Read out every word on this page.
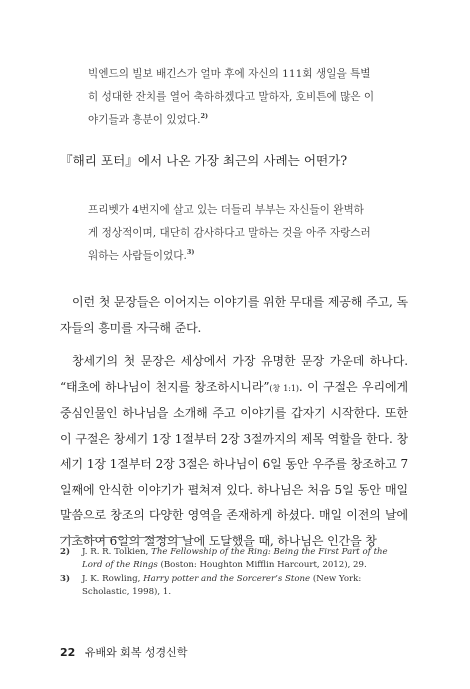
빅엔드의 빌보 배긴스가 얼마 후에 자신의 111회 생일을 특별

히 성대한 잔치를 열어 축하하겠다고 말하자, 호비튼에 많은 이

야기들과 흥분이 있었다.$^{2)}$

『해리 포터』에서 나온 가장 최근의 사례는 어떤가?

프리벳가 4번지에 살고 있는 더들리 부부는 자신들이 완벽하

게 정상적이며, 대단히 감사하다고 말하는 것을 아주 자랑스러

워하는 사람들이었다.$^{3)}$

이런 첫 문장들은 이어지는 이야기를 위한 무대를 제공해 주고, 독자들의 흥미를 자극해 준다.

창세기의 첫 문장은 세상에서 가장 유명한 문장 가운데 하나다. “태초에 하나님이 천지를 창조하시니라”(창 1:1). 이 구절은 우리에게 중심인물인 하나님을 소개해 주고 이야기를 갑자기 시작한다. 또한 이 구절은 창세기 1장 1절부터 2장 3절까지의 제목 역할을 한다. 창세기 1장 1절부터 2장 3절은 하나님이 6일 동안 우주를 창조하고 7일째에 안식한 이야기가 펼쳐져 있다. 하나님은 처음 5일 동안 매일 말씀으로 창조의 다양한 영역을 존재하게 하셨다. 매일 이전의 날에 기초하여 6일의 절정의 날에 도달했을 때, 하나님은 인간을 창

2)	J. R. R. Tolkien, The Fellowship of the Ring: Being the First Part of the Lord of the Rings (Boston: Houghton Mifflin Harcourt, 2012), 29.
3)	J. K. Rowling, Harry potter and the Sorcerer’s Stone (New York: Scholastic, 1998), 1.
22 유배와 회복 성경신학
